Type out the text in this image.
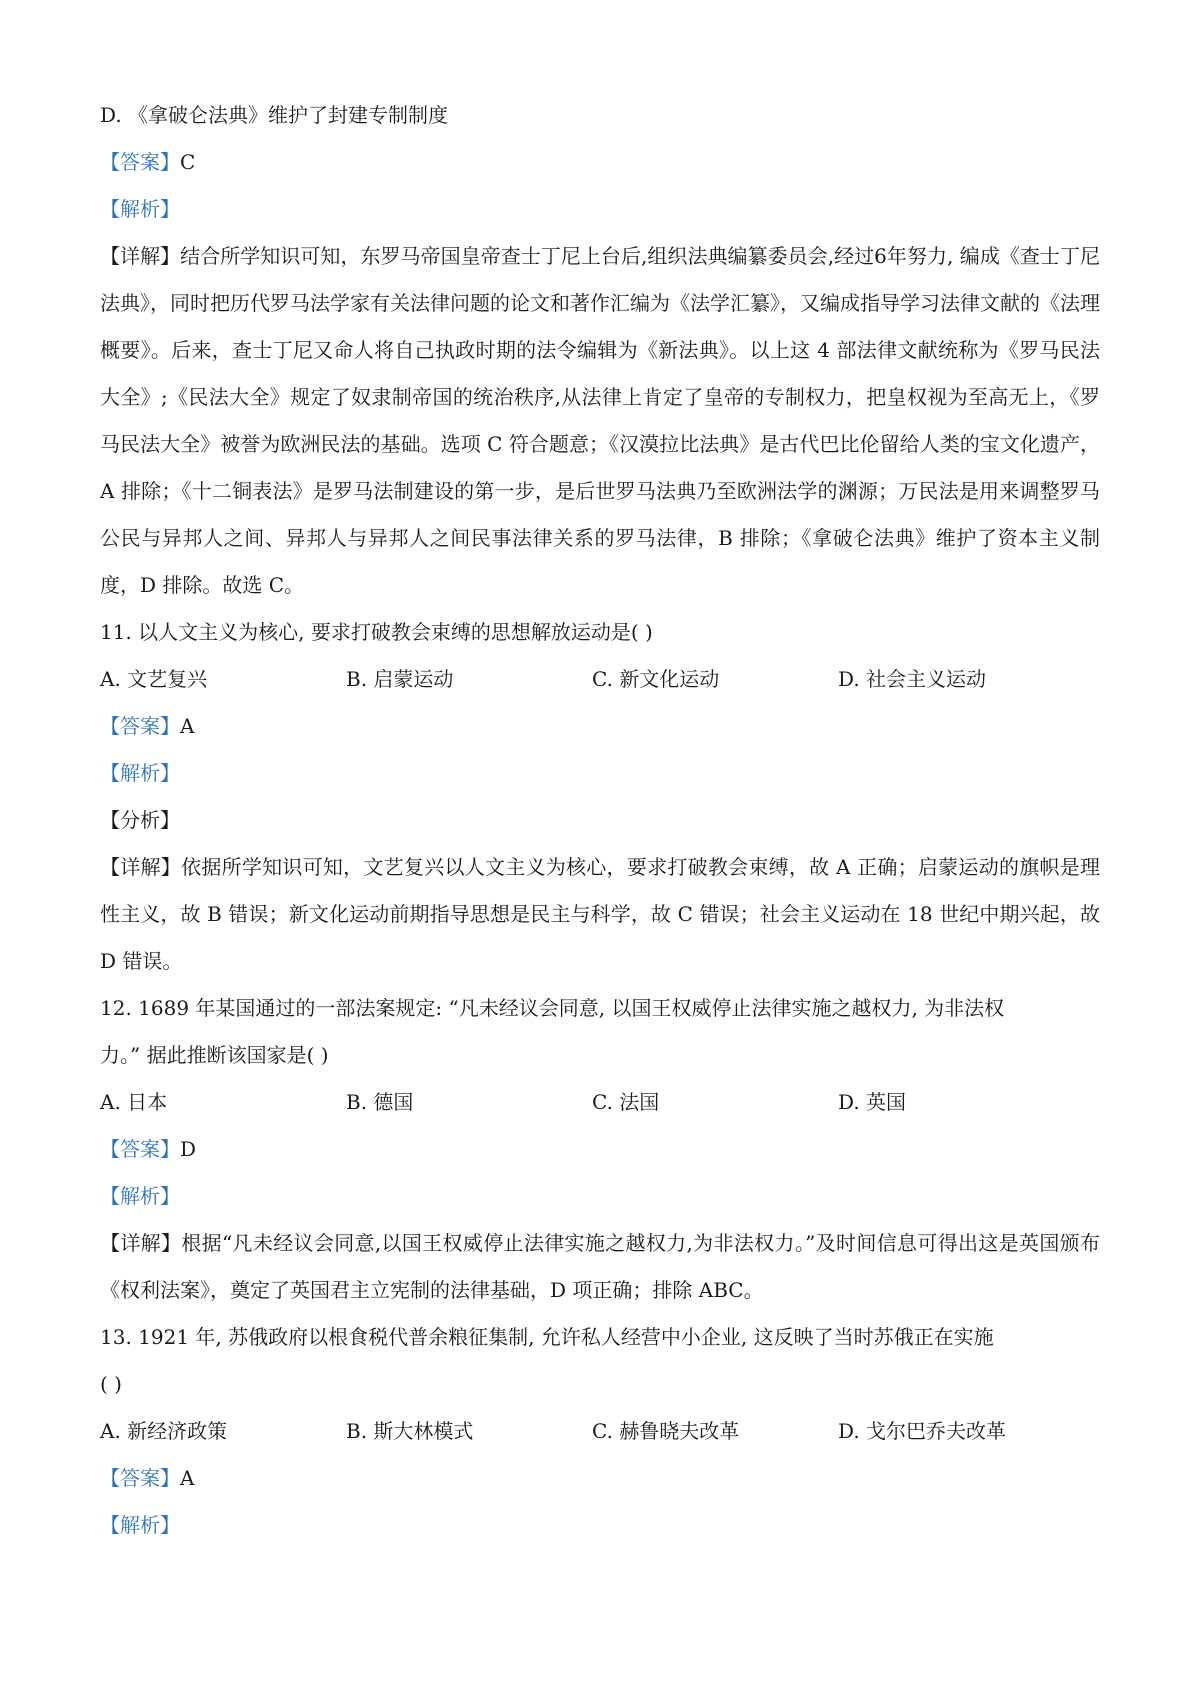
D. 《拿破仑法典》维护了封建专制制度

【答案】C

【解析】

【详解】结合所学知识可知，东罗马帝国皇帝查士丁尼上台后,组织法典编纂委员会,经过6年努力, 编成《查士丁尼法典》，同时把历代罗马法学家有关法律问题的论文和著作汇编为《法学汇纂》，又编成指导学习法律文献的《法理概要》。后来，查士丁尼又命人将自己执政时期的法令编辑为《新法典》。以上这 4 部法律文献统称为《罗马民法大全》;《民法大全》规定了奴隶制帝国的统治秩序,从法律上肯定了皇帝的专制权力，把皇权视为至高无上，《罗马民法大全》被誉为欧洲民法的基础。选项 C 符合题意；《汉漠拉比法典》是古代巴比伦留给人类的宝文化遗产，A 排除；《十二铜表法》是罗马法制建设的第一步，是后世罗马法典乃至欧洲法学的渊源；万民法是用来调整罗马公民与异邦人之间、异邦人与异邦人之间民事法律关系的罗马法律，B 排除；《拿破仑法典》维护了资本主义制度，D 排除。故选 C。

11. 以人文主义为核心, 要求打破教会束缚的思想解放运动是( )

A. 文艺复兴	B. 启蒙运动	C. 新文化运动	D. 社会主义运动

【答案】A

【解析】

【分析】

【详解】依据所学知识可知，文艺复兴以人文主义为核心，要求打破教会束缚，故 A 正确；启蒙运动的旗帜是理性主义，故 B 错误；新文化运动前期指导思想是民主与科学，故 C 错误；社会主义运动在 18 世纪中期兴起，故 D 错误。

12. 1689 年某国通过的一部法案规定: “凡未经议会同意, 以国王权威停止法律实施之越权力, 为非法权

力。” 据此推断该国家是( )

A. 日本	B. 德国	C. 法国	D. 英国

【答案】D

【解析】

【详解】根据“凡未经议会同意,以国王权威停止法律实施之越权力,为非法权力。”及时间信息可得出这是英国颁布 《权利法案》，奠定了英国君主立宪制的法律基础，D 项正确；排除 ABC。

13. 1921 年, 苏俄政府以根食税代普余粮征集制, 允许私人经营中小企业, 这反映了当时苏俄正在实施

( )

A. 新经济政策	B. 斯大林模式	C. 赫鲁晓夫改革	D. 戈尔巴乔夫改革

【答案】A

【解析】
